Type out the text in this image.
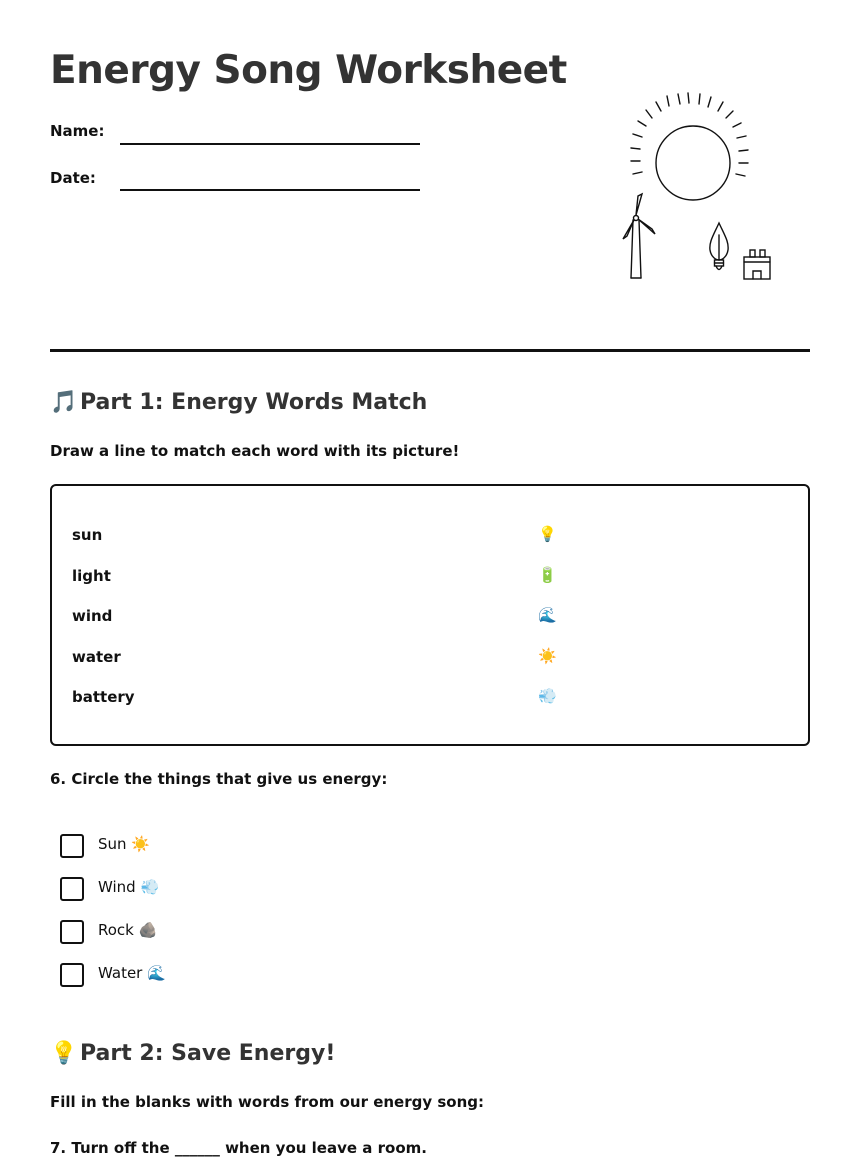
Energy Song Worksheet
Name:
Date:
🎵 Part 1: Energy Words Match
Draw a line to match each word with its picture!
sun
light
wind
water
battery
💡
🔋
🌊
☀️
💨
6. Circle the things that give us energy:
Sun ☀️
Wind 💨
Rock 🪨
Water 🌊
💡 Part 2: Save Energy!
Fill in the blanks with words from our energy song:
7. Turn off the ______ when you leave a room.
